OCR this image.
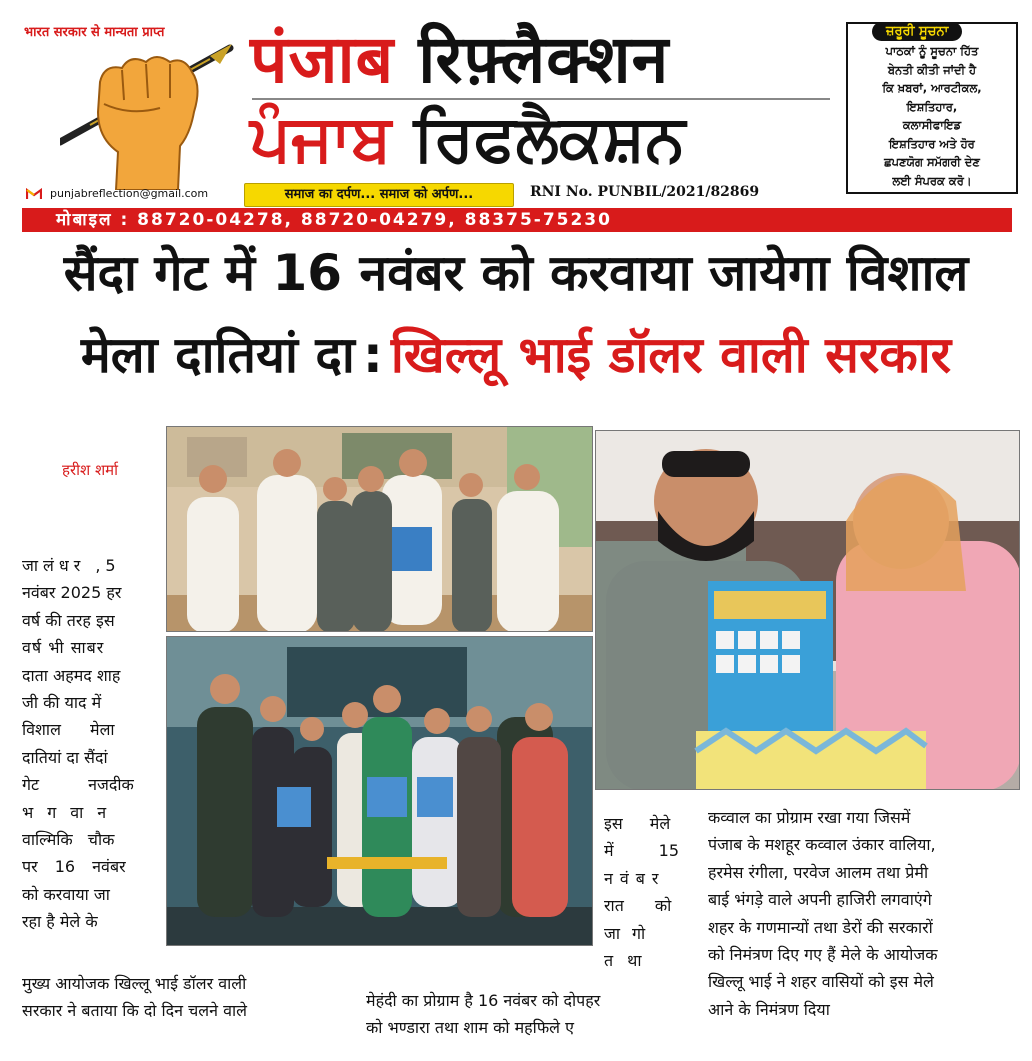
भारत सरकार से मान्यता प्राप्त पंजाब रिफ़्लैक्शन
ਪੰਜਾਬ ਰਿਫਲੈਕਸ਼ਨ
punjabreflection@gmail.com	समाज का दर्पण... समाज को अर्पण...	RNI No. PUNBIL/2021/82869
ਜ਼ਰੂਰੀ ਸੂਚਨਾ
ਪਾਠਕਾਂ ਨੂੰ ਸੂਚਨਾ ਹਿੱਤ
ਬੇਨਤੀ ਕੀਤੀ ਜਾਂਦੀ ਹੈ
ਕਿ ਖ਼ਬਰਾਂ, ਆਰਟੀਕਲ,
ਇਸ਼ਤਿਹਾਰ,
ਕਲਾਸੀਫਾਇਡ
ਇਸ਼ਤਿਹਾਰ ਅਤੇ ਹੋਰ
ਛਪਣਯੋਗ ਸਮੱਗਰੀ ਦੇਣ
ਲਈ ਸੰਪਰਕ ਕਰੋ।
मोबाइल : 88720-04278, 88720-04279, 88375-75230
सैंदा गेट में 16 नवंबर को करवाया जायेगा विशाल
मेला दातियां दा : खिल्लू भाई डॉलर वाली सरकार
हरीश शर्मा
जालंधर ,5
नवंबर 2025 हर
वर्ष की तरह इस
वर्ष भी साबर
दाता अहमद शाह
जी की याद में
विशाल मेला
दातियां दा सैंदां
गेट नजदीक
भगवान
वाल्मिकि चौक
पर 16 नवंबर
को करवाया जा
रहा है मेले के
मुख्य आयोजक खिल्लू भाई डॉलर वाली
सरकार ने बताया कि दो दिन चलने वाले
इस मेले
में 15
नवंबर
रात को
जागो
तथा
मेहंदी का प्रोग्राम है 16 नवंबर को दोपहर
को भण्डारा तथा शाम को महफिले ए
कव्वाल का प्रोग्राम रखा गया जिसमें
पंजाब के मशहूर कव्वाल उंकार वालिया,
हरमेस रंगीला, परवेज आलम तथा प्रेमी
बाई भंगड़े वाले अपनी हाजिरी लगवाएंगे
शहर के गणमान्यों तथा डेरों की सरकारों
को निमंत्रण दिए गए हैं मेले के आयोजक
खिल्लू भाई ने शहर वासियों को इस मेले
आने के निमंत्रण दिया
